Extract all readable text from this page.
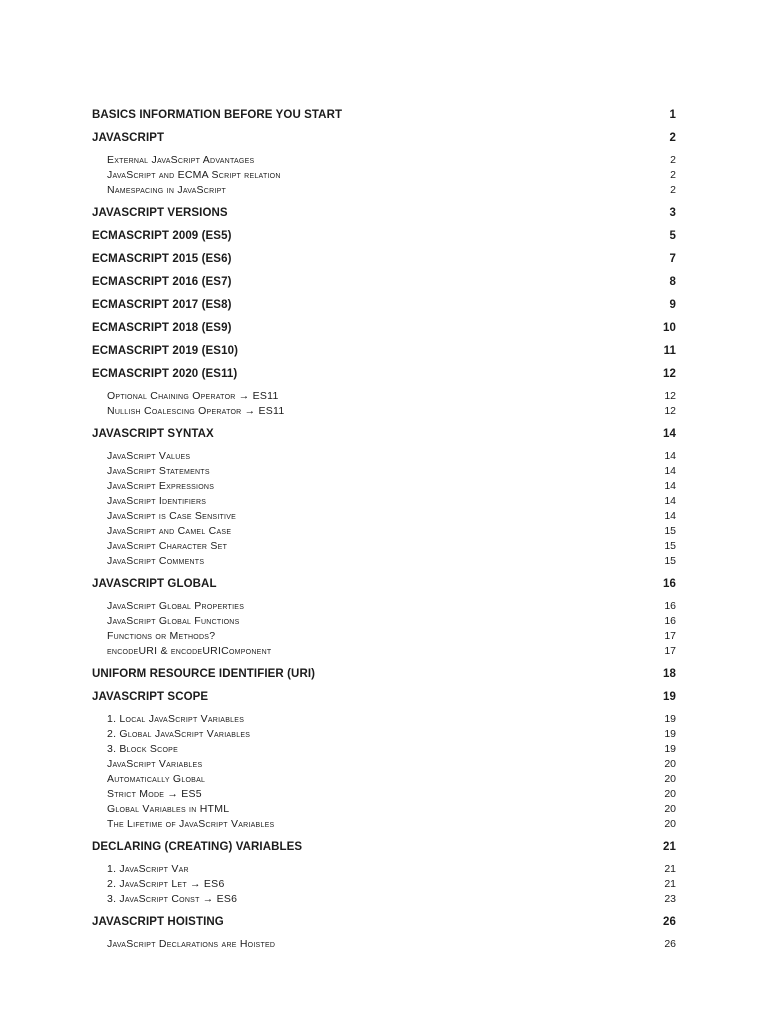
BASICS INFORMATION BEFORE YOU START	1
JAVASCRIPT	2
External JavaScript Advantages	2
JavaScript and ECMA Script relation	2
Namespacing in JavaScript	2
JAVASCRIPT VERSIONS	3
ECMASCRIPT 2009 (ES5)	5
ECMASCRIPT 2015 (ES6)	7
ECMASCRIPT 2016 (ES7)	8
ECMASCRIPT 2017 (ES8)	9
ECMASCRIPT 2018 (ES9)	10
ECMASCRIPT 2019 (ES10)	11
ECMASCRIPT 2020 (ES11)	12
Optional Chaining Operator → ES11	12
Nullish Coalescing Operator → ES11	12
JAVASCRIPT SYNTAX	14
JavaScript Values	14
JavaScript Statements	14
JavaScript Expressions	14
JavaScript Identifiers	14
JavaScript is Case Sensitive	14
JavaScript and Camel Case	15
JavaScript Character Set	15
JavaScript Comments	15
JAVASCRIPT GLOBAL	16
JavaScript Global Properties	16
JavaScript Global Functions	16
Functions or Methods?	17
encodeURI & encodeURIComponent	17
UNIFORM RESOURCE IDENTIFIER (URI)	18
JAVASCRIPT SCOPE	19
1. Local JavaScript Variables	19
2. Global JavaScript Variables	19
3. Block Scope	19
JavaScript Variables	20
Automatically Global	20
Strict Mode → ES5	20
Global Variables in HTML	20
The Lifetime of JavaScript Variables	20
DECLARING (CREATING) VARIABLES	21
1. JavaScript Var	21
2. JavaScript Let → ES6	21
3. JavaScript Const → ES6	23
JAVASCRIPT HOISTING	26
JavaScript Declarations are Hoisted	26
